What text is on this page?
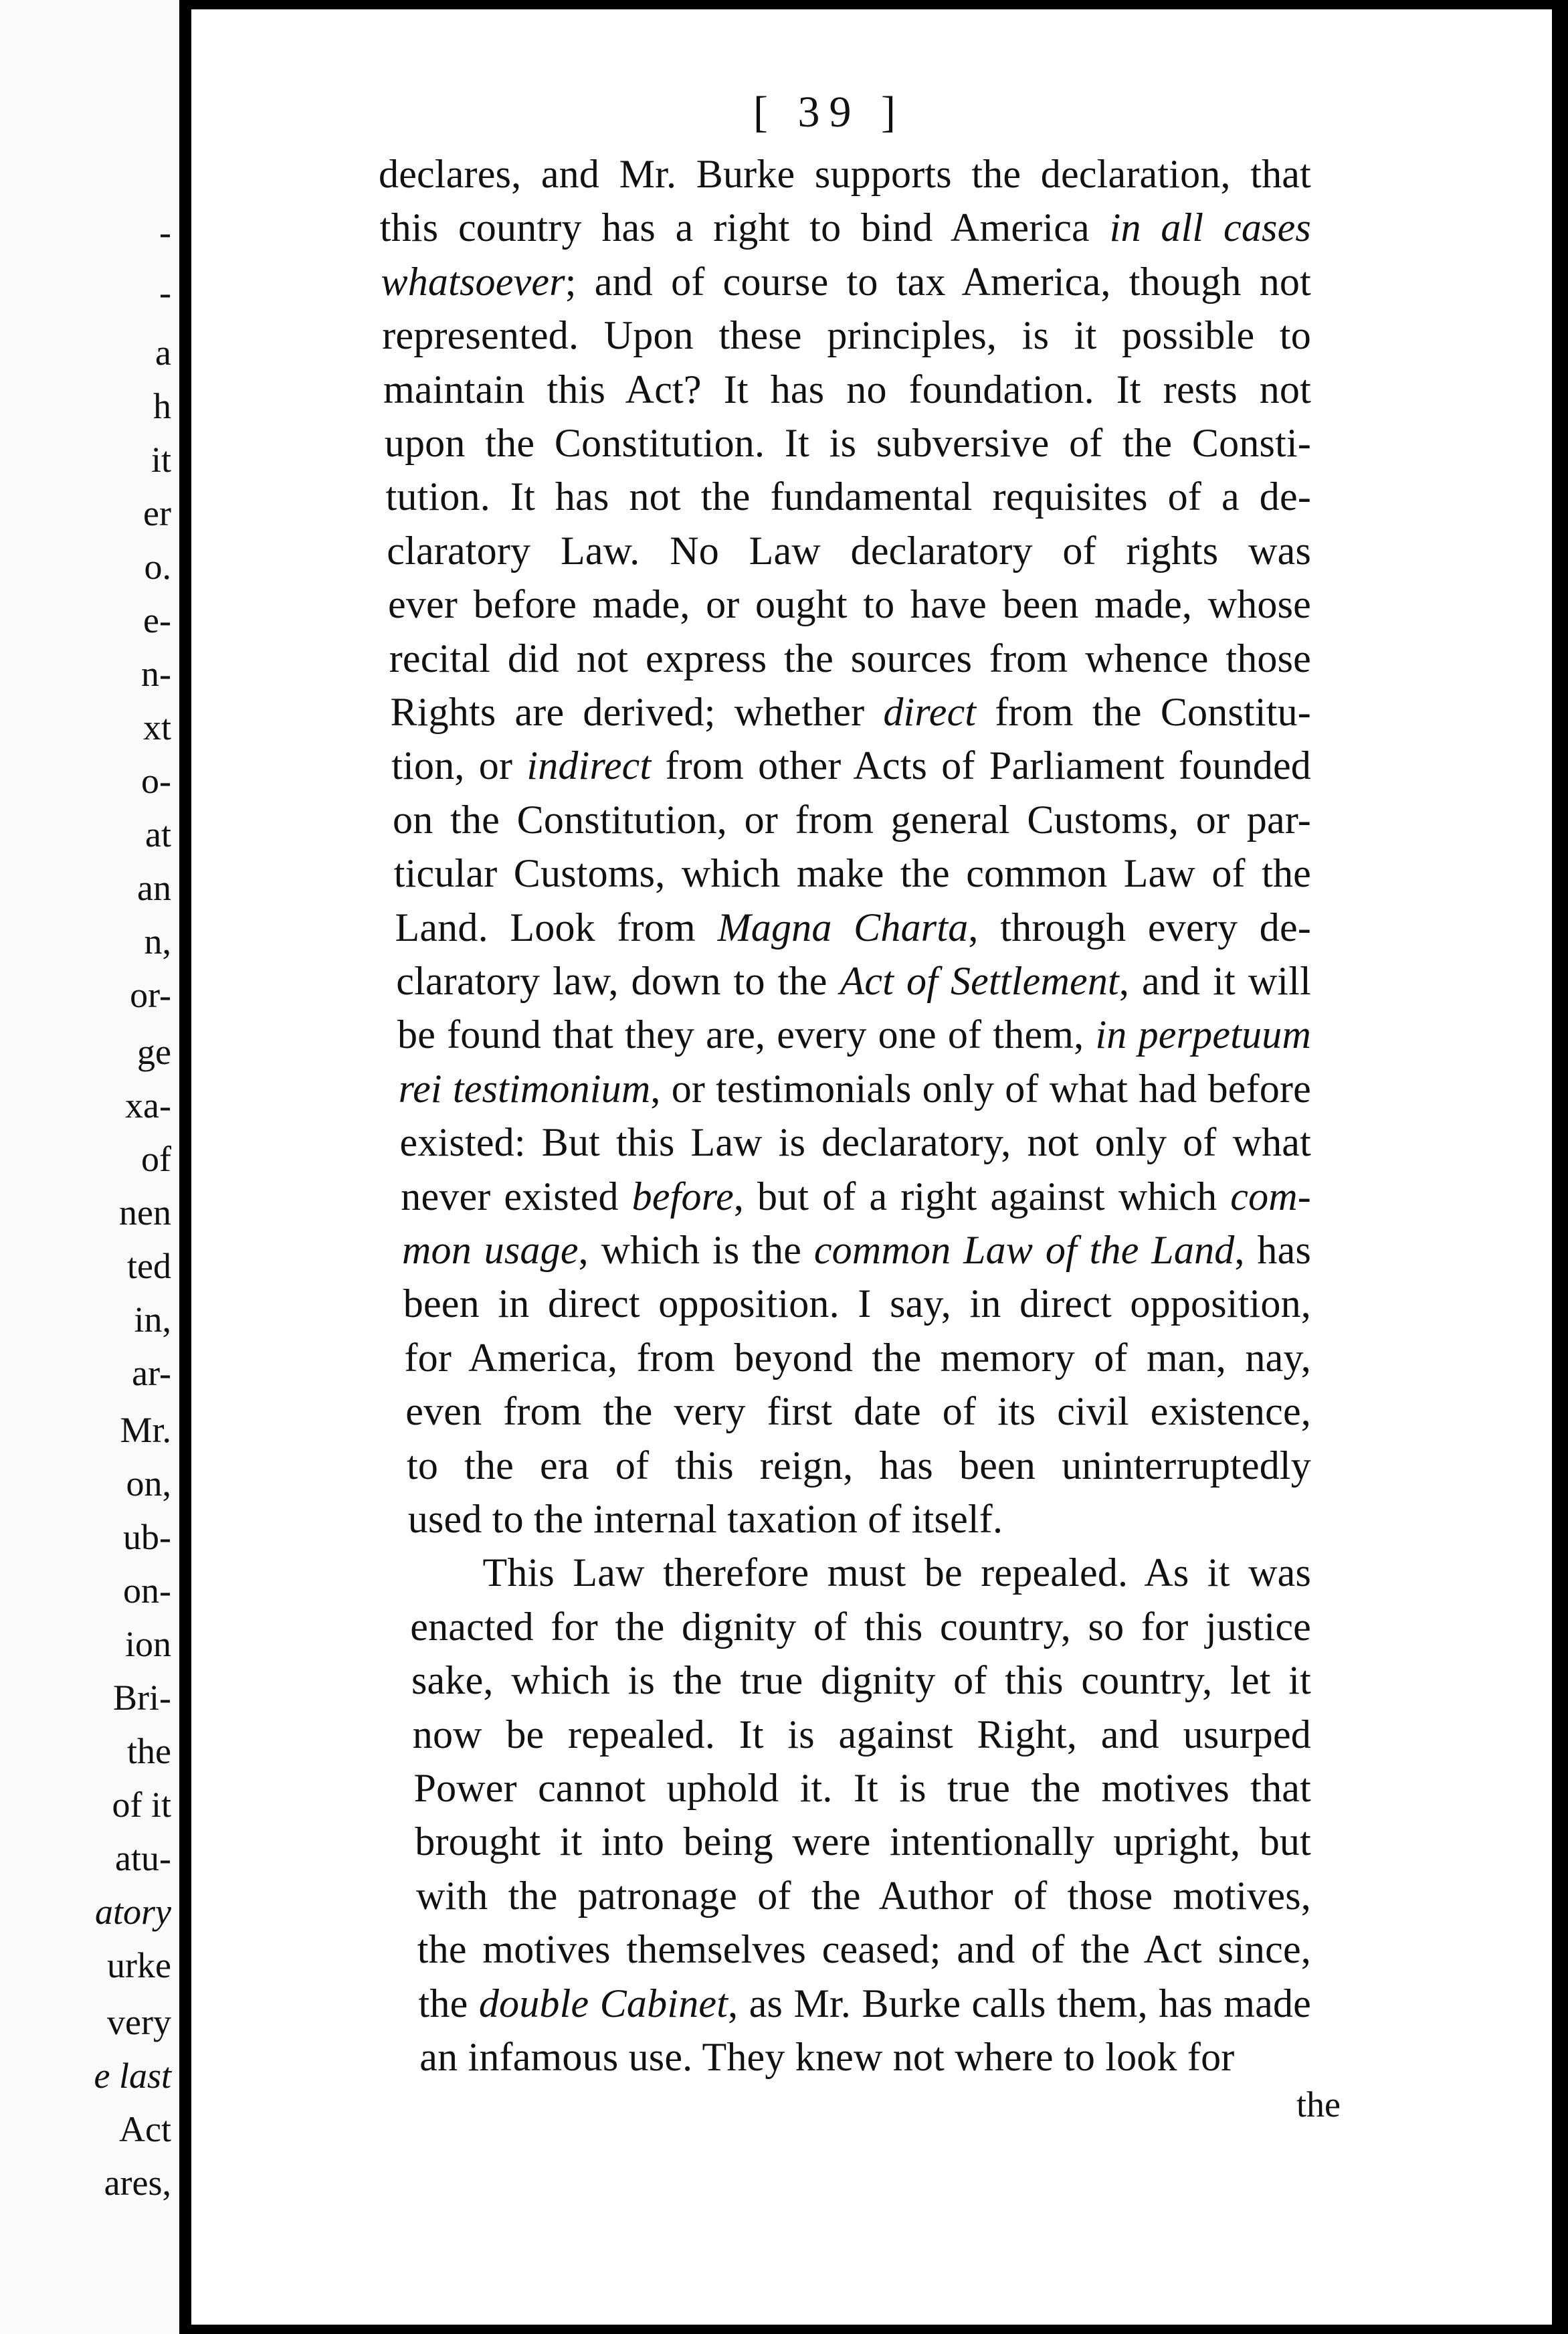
-
-
a
h
it
er
o.
e-
n-
xt
o-
at
an
n,
or-
ge
xa-
of
nen
ted
in,
ar-
Mr.
on,
ub-
on-
ion
Bri-
the
of it
atu-
atory
urke
very
e last
Act
ares,
[ 39 ]
declares, and Mr. Burke supports the declaration, that
this country has a right to bind America in all cases
whatsoever; and of course to tax America, though not
represented. Upon these principles, is it possible to
maintain this Act? It has no foundation. It rests not
upon the Constitution. It is subversive of the Consti-
tution. It has not the fundamental requisites of a de-
claratory Law. No Law declaratory of rights was
ever before made, or ought to have been made, whose
recital did not express the sources from whence those
Rights are derived; whether direct from the Constitu-
tion, or indirect from other Acts of Parliament founded
on the Constitution, or from general Customs, or par-
ticular Customs, which make the common Law of the
Land. Look from Magna Charta, through every de-
claratory law, down to the Act of Settlement, and it will
be found that they are, every one of them, in perpetuum
rei testimonium, or testimonials only of what had before
existed: But this Law is declaratory, not only of what
never existed before, but of a right against which com-
mon usage, which is the common Law of the Land, has
been in direct opposition. I say, in direct opposition,
for America, from beyond the memory of man, nay,
even from the very first date of its civil existence,
to the era of this reign, has been uninterruptedly
used to the internal taxation of itself.
This Law therefore must be repealed. As it was
enacted for the dignity of this country, so for justice
sake, which is the true dignity of this country, let it
now be repealed. It is against Right, and usurped
Power cannot uphold it. It is true the motives that
brought it into being were intentionally upright, but
with the patronage of the Author of those motives,
the motives themselves ceased; and of the Act since,
the double Cabinet, as Mr. Burke calls them, has made
an infamous use. They knew not where to look for
the
